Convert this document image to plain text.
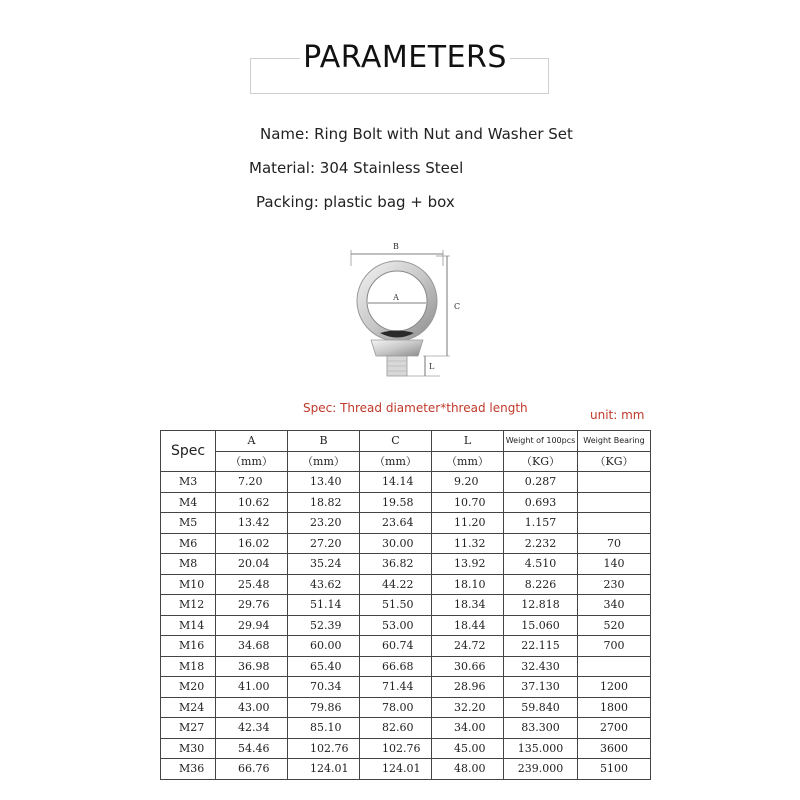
PARAMETERS
Name: Ring Bolt with Nut and Washer Set
Material: 304 Stainless Steel
Packing: plastic bag + box
B
A
C
L
Spec: Thread diameter*thread length	unit: mm
Spec	A	B	C	L	Weight of 100pcs	Weight Bearing
	（mm）	（mm）	（mm）	（mm）	（KG）	（KG）
M3	7.20	13.40	14.14	9.20	0.287	
M4	10.62	18.82	19.58	10.70	0.693	
M5	13.42	23.20	23.64	11.20	1.157	
M6	16.02	27.20	30.00	11.32	2.232	70
M8	20.04	35.24	36.82	13.92	4.510	140
M10	25.48	43.62	44.22	18.10	8.226	230
M12	29.76	51.14	51.50	18.34	12.818	340
M14	29.94	52.39	53.00	18.44	15.060	520
M16	34.68	60.00	60.74	24.72	22.115	700
M18	36.98	65.40	66.68	30.66	32.430	
M20	41.00	70.34	71.44	28.96	37.130	1200
M24	43.00	79.86	78.00	32.20	59.840	1800
M27	42.34	85.10	82.60	34.00	83.300	2700
M30	54.46	102.76	102.76	45.00	135.000	3600
M36	66.76	124.01	124.01	48.00	239.000	5100
